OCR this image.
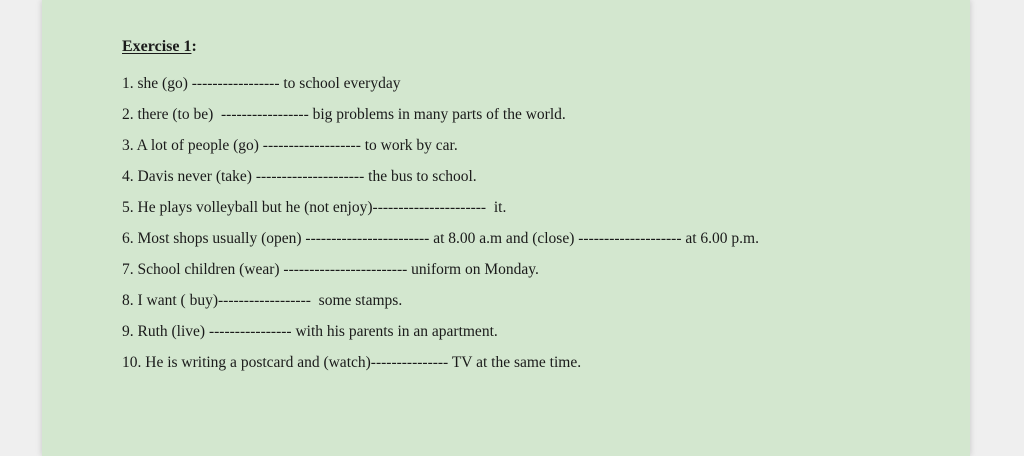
Exercise 1:
1. she (go) ----------------- to school everyday
2. there (to be)  ----------------- big problems in many parts of the world.
3. A lot of people (go) ------------------- to work by car.
4. Davis never (take) --------------------- the bus to school.
5. He plays volleyball but he (not enjoy)----------------------  it.
6. Most shops usually (open) ------------------------ at 8.00 a.m and (close) -------------------- at 6.00 p.m.
7. School children (wear) ------------------------ uniform on Monday.
8. I want ( buy)------------------  some stamps.
9. Ruth (live) ---------------- with his parents in an apartment.
10. He is writing a postcard and (watch)--------------- TV at the same time.
